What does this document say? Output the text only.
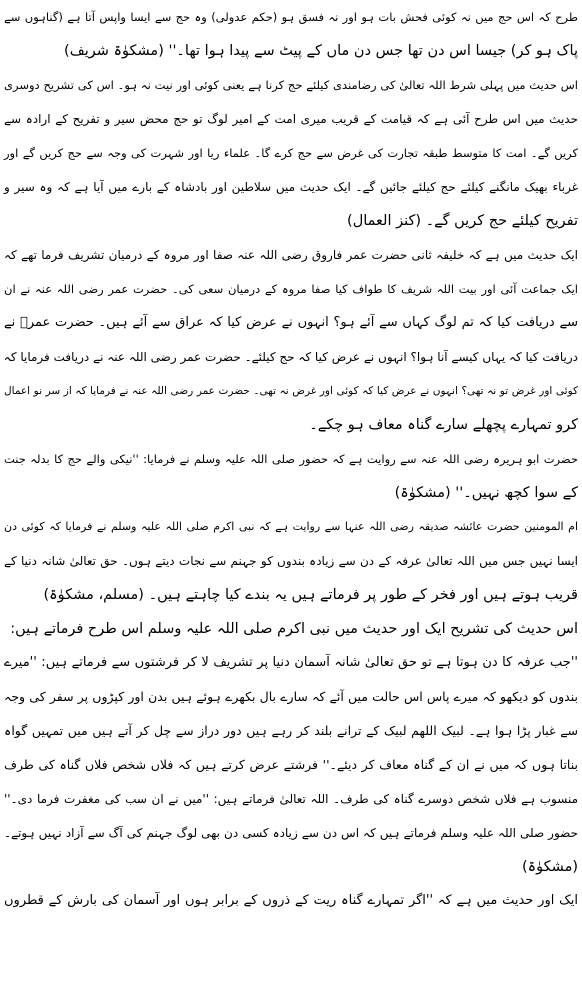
طرح کہ اس حج میں نہ کوئی فحش بات ہو اور نہ فسق ہو (حکم عدولی) وہ حج سے ایسا واپس آتا ہے (گناہوں سے
پاک ہو کر) جیسا اس دن تھا جس دن ماں کے پیٹ سے پیدا ہوا تھا۔'' (مشکوٰۃ شریف)
اس حدیث میں پہلی شرط اللہ تعالیٰ کی رضامندی کیلئے حج کرنا ہے یعنی کوئی اور نیت نہ ہو۔ اس کی تشریح دوسری
حدیث میں اس طرح آئی ہے کہ قیامت کے قریب میری امت کے امیر لوگ تو حج محض سیر و تفریح کے ارادہ سے
کریں گے۔ امت کا متوسط طبقہ تجارت کی غرض سے حج کرے گا۔ علماء ریا اور شہرت کی وجہ سے حج کریں گے اور
غرباء بھیک مانگنے کیلئے حج کیلئے جائیں گے۔ ایک حدیث میں سلاطین اور بادشاہ کے بارے میں آیا ہے کہ وہ سیر و
تفریح کیلئے حج کریں گے۔ (کنز العمال)
ایک حدیث میں ہے کہ خلیفہ ثانی حضرت عمر فاروق رضی اللہ عنہ صفا اور مروہ کے درمیان تشریف فرما تھے کہ
ایک جماعت آئی اور بیت اللہ شریف کا طواف کیا صفا مروہ کے درمیان سعی کی۔ حضرت عمر رضی اللہ عنہ نے ان
سے دریافت کیا کہ تم لوگ کہاں سے آئے ہو؟ انہوں نے عرض کیا کہ عراق سے آئے ہیں۔ حضرت عمرؓ نے
دریافت کیا کہ یہاں کیسے آنا ہوا؟ انہوں نے عرض کیا کہ حج کیلئے۔ حضرت عمر رضی اللہ عنہ نے دریافت فرمایا کہ
کوئی اور غرض تو نہ تھی؟ انہوں نے عرض کیا کہ کوئی اور غرض نہ تھی۔ حضرت عمر رضی اللہ عنہ نے فرمایا کہ از سر نو اعمال
کرو تمہارے پچھلے سارے گناہ معاف ہو چکے۔
حضرت ابو ہریرہ رضی اللہ عنہ سے روایت ہے کہ حضور صلی اللہ علیہ وسلم نے فرمایا: ''نیکی والے حج کا بدلہ جنت
کے سوا کچھ نہیں۔'' (مشکوٰۃ)
ام المومنین حضرت عائشہ صدیقہ رضی اللہ عنہا سے روایت ہے کہ نبی اکرم صلی اللہ علیہ وسلم نے فرمایا کہ کوئی دن
ایسا نہیں جس میں اللہ تعالیٰ عرفہ کے دن سے زیادہ بندوں کو جہنم سے نجات دیتے ہوں۔ حق تعالیٰ شانہ دنیا کے
قریب ہوتے ہیں اور فخر کے طور پر فرماتے ہیں یہ بندے کیا چاہتے ہیں۔ (مسلم، مشکوٰۃ)
اس حدیث کی تشریح ایک اور حدیث میں نبی اکرم صلی اللہ علیہ وسلم اس طرح فرماتے ہیں:
''جب عرفہ کا دن ہوتا ہے تو حق تعالیٰ شانہ آسمان دنیا پر تشریف لا کر فرشتوں سے فرماتے ہیں: ''میرے
بندوں کو دیکھو کہ میرے پاس اس حالت میں آئے کہ سارے بال بکھرے ہوئے ہیں بدن اور کپڑوں پر سفر کی وجہ
سے غبار پڑا ہوا ہے۔ لبیک اللھم لبیک کے ترانے بلند کر رہے ہیں دور دراز سے چل کر آتے ہیں میں تمہیں گواہ
بناتا ہوں کہ میں نے ان کے گناہ معاف کر دیئے۔'' فرشتے عرض کرتے ہیں کہ فلاں شخص فلاں گناہ کی طرف
منسوب ہے فلاں شخص دوسرے گناہ کی طرف۔ اللہ تعالیٰ فرماتے ہیں: ''میں نے ان سب کی مغفرت فرما دی۔''
حضور صلی اللہ علیہ وسلم فرماتے ہیں کہ اس دن سے زیادہ کسی دن بھی لوگ جہنم کی آگ سے آزاد نہیں ہوتے۔
(مشکوٰۃ)
ایک اور حدیث میں ہے کہ ''اگر تمہارے گناہ ریت کے ذروں کے برابر ہوں اور آسمان کی بارش کے قطروں
